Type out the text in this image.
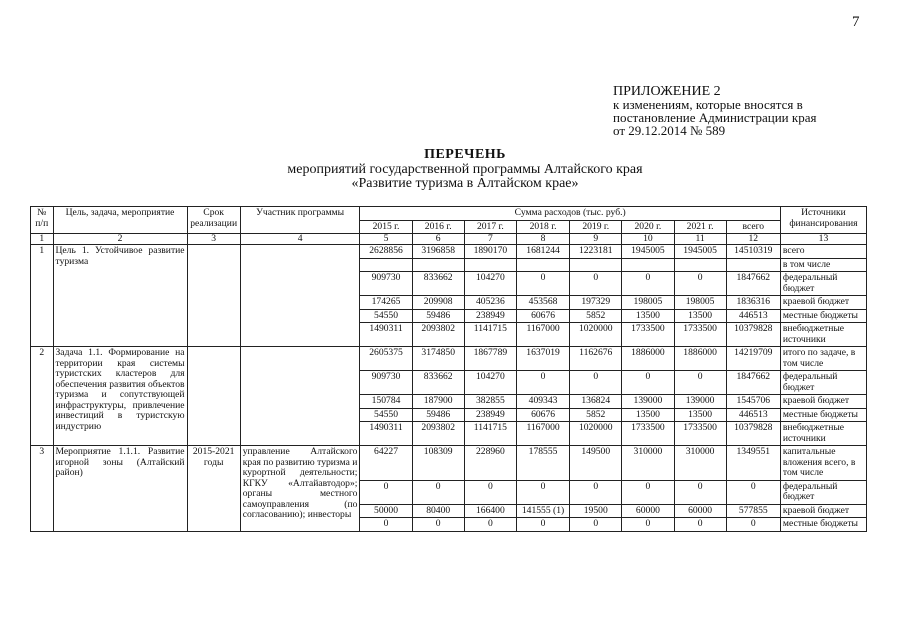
7
ПРИЛОЖЕНИЕ 2
к изменениям, которые вносятся в
постановление Администрации края
от 29.12.2014 № 589
ПЕРЕЧЕНЬ
мероприятий государственной программы Алтайского края
«Развитие туризма в Алтайском крае»
№ п/п	Цель, задача, мероприятие	Срок реализации	Участник программы	Сумма расходов (тыс. руб.)								Источники финансирования
				2015 г.	2016 г.	2017 г.	2018 г.	2019 г.	2020 г.	2021 г.	всего	
1	2	3	4	5	6	7	8	9	10	11	12	13
1	Цель 1. Устойчивое развитие туризма			2628856	3196858	1890170	1681244	1223181	1945005	1945005	14510319	всего
												в том числе
				909730	833662	104270	0	0	0	0	1847662	федеральный бюджет
				174265	209908	405236	453568	197329	198005	198005	1836316	краевой бюджет
				54550	59486	238949	60676	5852	13500	13500	446513	местные бюджеты
				1490311	2093802	1141715	1167000	1020000	1733500	1733500	10379828	внебюджетные источники
2	Задача 1.1. Формирование на территории края системы туристских кластеров для обеспечения развития объектов туризма и сопутствующей инфраструктуры, привлечение инвестиций в туристскую индустрию			2605375	3174850	1867789	1637019	1162676	1886000	1886000	14219709	итого по задаче, в том числе
				909730	833662	104270	0	0	0	0	1847662	федеральный бюджет
				150784	187900	382855	409343	136824	139000	139000	1545706	краевой бюджет
				54550	59486	238949	60676	5852	13500	13500	446513	местные бюджеты
				1490311	2093802	1141715	1167000	1020000	1733500	1733500	10379828	внебюджетные источники
3	Мероприятие 1.1.1. Развитие игорной зоны (Алтайский район)	2015-2021 годы	управление Алтайского края по развитию туризма и курортной деятельности; КГКУ «Алтайавтодор»; органы местного самоуправления (по согласованию); инвесторы	64227	108309	228960	178555	149500	310000	310000	1349551	капитальные вложения всего, в том числе
				0	0	0	0	0	0	0	0	федеральный бюджет
				50000	80400	166400	141555 (1)	19500	60000	60000	577855	краевой бюджет
				0	0	0	0	0	0	0	0	местные бюджеты
